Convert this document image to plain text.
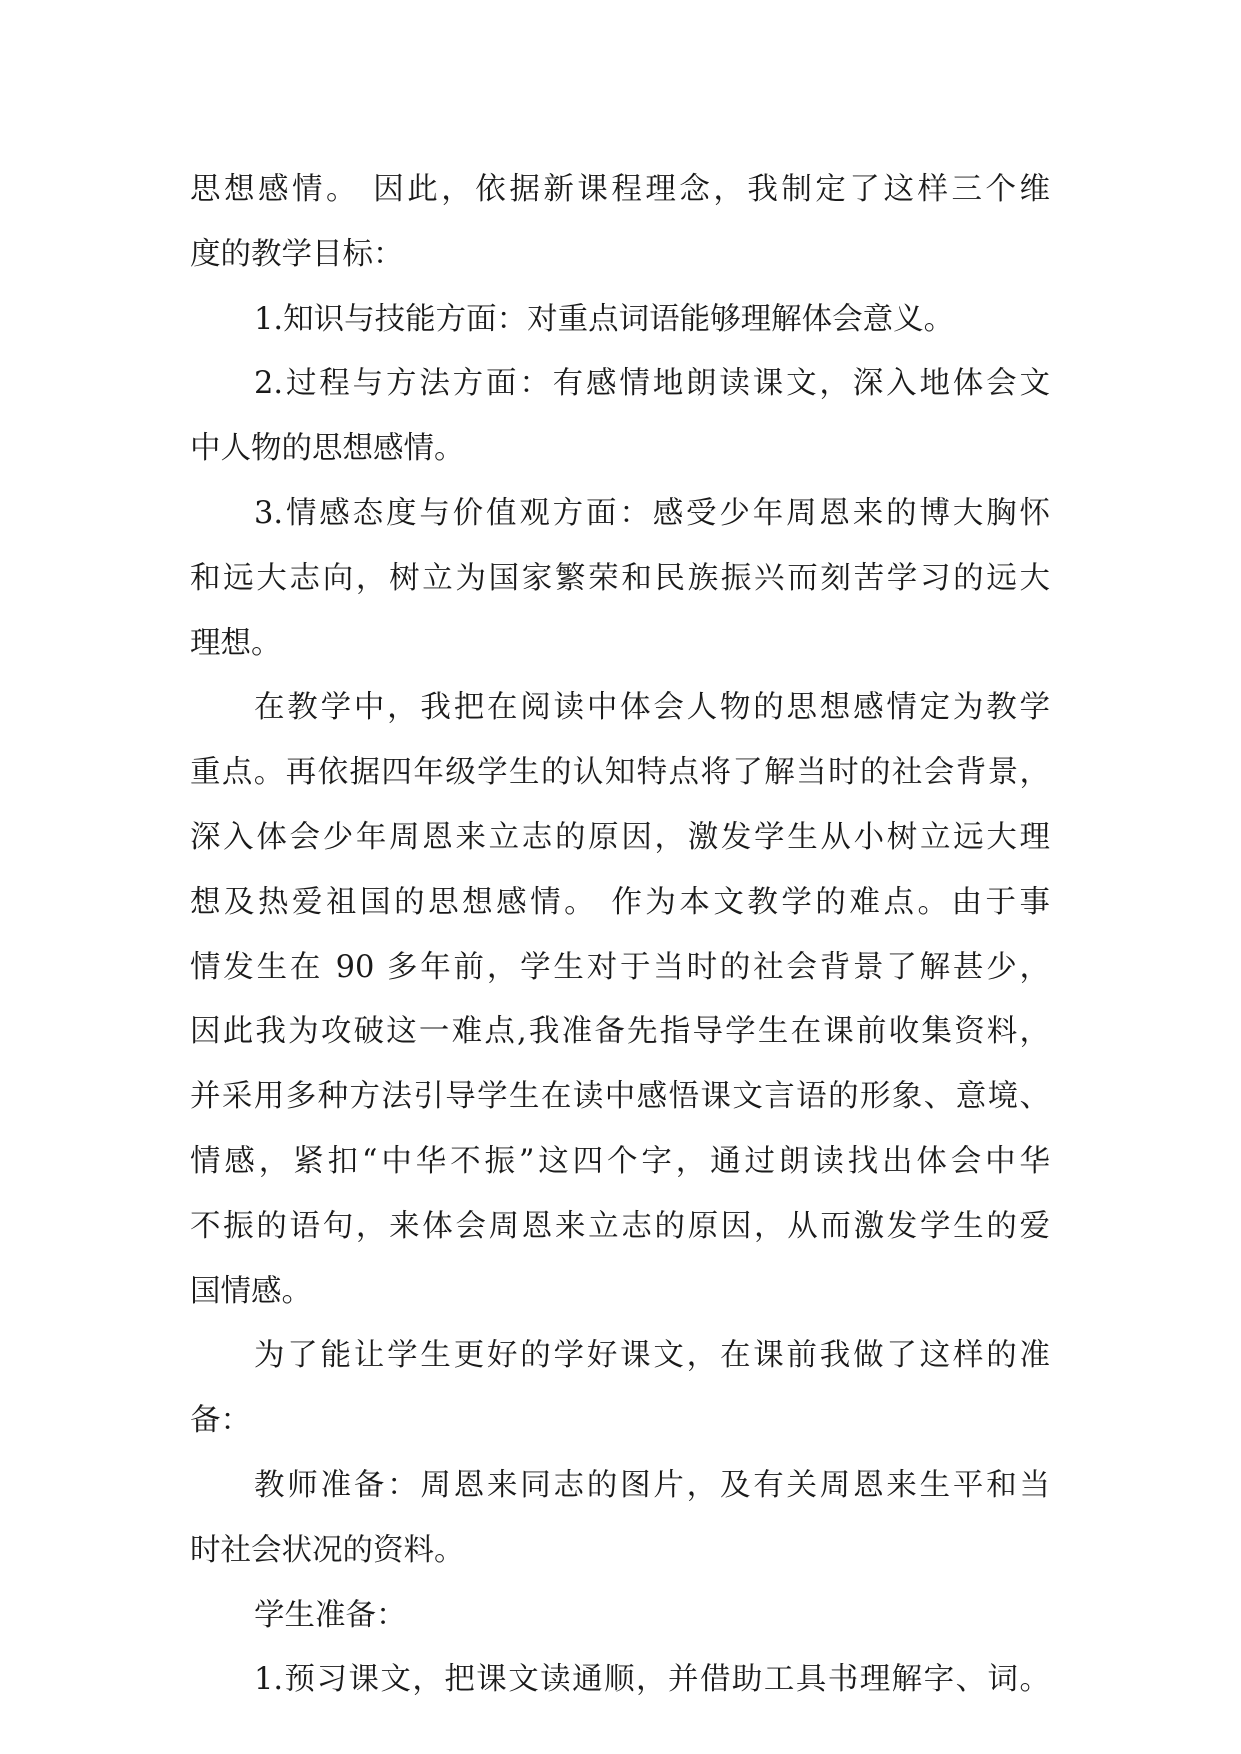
思想感情。 因此，依据新课程理念，我制定了这样三个维
度的教学目标：
1.知识与技能方面：对重点词语能够理解体会意义。
2.过程与方法方面：有感情地朗读课文，深入地体会文
中人物的思想感情。
3.情感态度与价值观方面：感受少年周恩来的博大胸怀
和远大志向，树立为国家繁荣和民族振兴而刻苦学习的远大
理想。
在教学中，我把在阅读中体会人物的思想感情定为教学
重点。再依据四年级学生的认知特点将了解当时的社会背景，
深入体会少年周恩来立志的原因，激发学生从小树立远大理
想及热爱祖国的思想感情。 作为本文教学的难点。由于事
情发生在 90 多年前，学生对于当时的社会背景了解甚少，
因此我为攻破这一难点,我准备先指导学生在课前收集资料，
并采用多种方法引导学生在读中感悟课文言语的形象、意境、
情感，紧扣“中华不振”这四个字，通过朗读找出体会中华
不振的语句，来体会周恩来立志的原因，从而激发学生的爱
国情感。
为了能让学生更好的学好课文，在课前我做了这样的准
备：
教师准备：周恩来同志的图片，及有关周恩来生平和当
时社会状况的资料。
学生准备：
1.预习课文，把课文读通顺，并借助工具书理解字、词。
